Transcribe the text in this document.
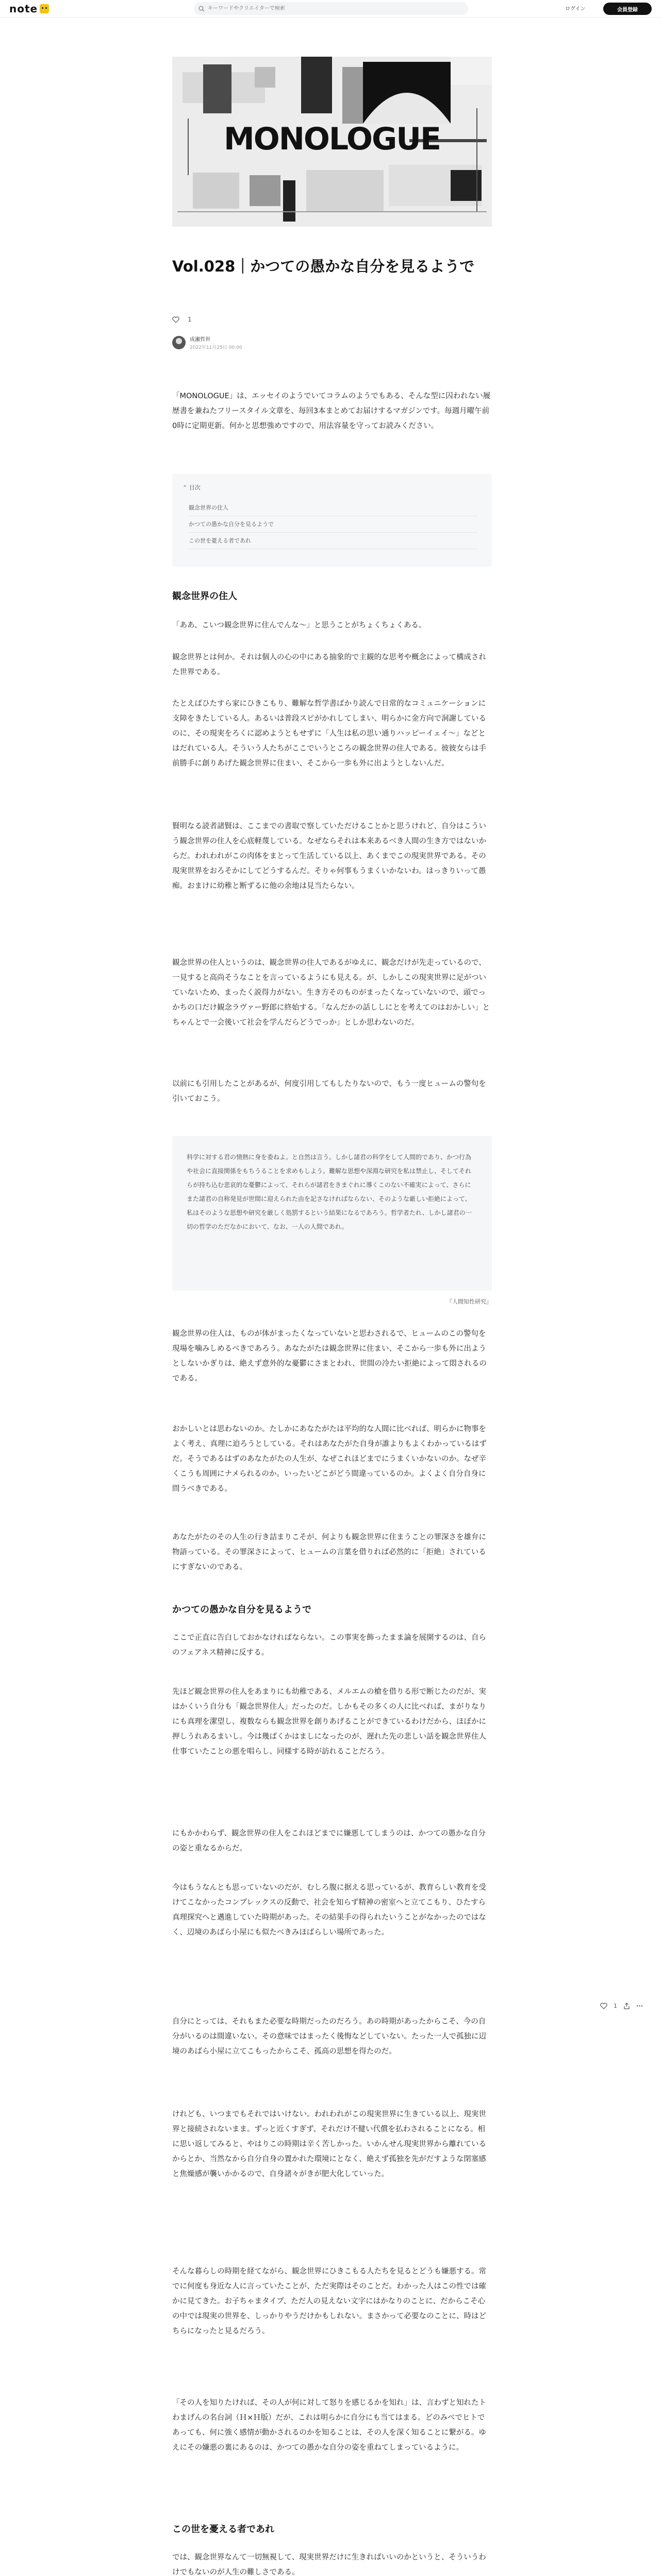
note
キーワードやクリエイターで検索	ログイン	会員登録
MONOLOGUE
Vol.028｜かつての愚かな自分を見るようで
1
成瀬哲世
2022年11月25日 00:00

「MONOLOGUE」は、エッセイのようでいてコラムのようでもある、そんな型に囚われない履歴書を兼ねたフリースタイル文章を、毎回3本まとめてお届けするマガジンです。毎週月曜午前0時に定期更新。何かと思想強めですので、用法容量を守ってお読みください。

⌃ 目次
観念世界の住人
かつての愚かな自分を見るようで
この世を憂える者であれ
観念世界の住人

「ああ、こいつ観念世界に住んでんな～」と思うことがちょくちょくある。

観念世界とは何か。それは個人の心の中にある抽象的で主観的な思考や概念によって構成された世界である。

たとえばひたすら家にひきこもり、難解な哲学書ばかり読んで日常的なコミュニケーションに支障をきたしている人。あるいは普段スピがかれしてしまい、明らかに金方向で洞謝しているのに、その現実をろくに認めようともせずに「人生は私の思い通りハッピーイェイ～」などとはだれている人。そういう人たちがここでいうところの観念世界の住人である。彼彼女らは手前勝手に創りあげた観念世界に住まい、そこから一歩も外に出ようとしないんだ。

賢明なる読者諸賢は、ここまでの書取で察していただけることかと思うけれど、自分はこういう観念世界の住人を心底軽蔑している。なぜならそれは本来あるべき人間の生き方ではないからだ。われわれがこの肉体をまとって生活している以上、あくまでこの現実世界である。その現実世界をおろそかにしてどうするんだ。そりゃ何事もうまくいかないわ。はっきりいって愚痴。おまけに幼稚と断ずるに他の余地は見当たらない。

観念世界の住人というのは、観念世界の住人であるがゆえに、観念だけが先走っているので、一見すると高尚そうなことを言っているようにも見える。が、しかしこの現実世界に足がついていないため、まったく説得力がない。生き方そのものがまったくなっていないので、頭でっかちの口だけ観念ラヴァー野郎に終始する。「なんだかの話ししにとを考えてのはおかしい」とちゃんとで一会後いて社会を学んだらどうでっか」としか思わないのだ。

以前にも引用したことがあるが、何度引用してもしたりないので、もう一度ヒュームの警句を引いておこう。

科学に対する君の情熱に身を委ねよ。と自然は言う。しかし諸君の科学をして人間的であり、かつ行為や社会に直接関係をもちうることを求めもしよう。難解な思想や深淵な研究を私は禁止し、そしてそれらが持ち込む悲哀的な憂鬱によって、それらが諸君をきまぐれに導くこのない不確実によって、さらにまた諸君の自称発見が世間に迎えられた由を記さなければならない、そのような厳しい拒絶によって、私はそのような思想や研究を厳しく処罰するという結果になるであろう。哲学者たれ、しかし諸君の一切の哲学のただなかにおいて、なお、一人の人間であれ。
『人間知性研究』

観念世界の住人は、ものが体がまったくなっていないと思わされるで、ヒュームのこの警句を現場を噛みしめるべきであろう。あなたがたは観念世界に住まい、そこから一歩も外に出ようとしないかぎりは、絶えず意外的な憂鬱にさまとわれ、世間の冷たい拒絶によって悶されるのである。

おかしいとは思わないのか。たしかにあなたがたは平均的な人間に比べれば、明らかに物事をよく考え、真理に迫ろうとしている。それはあなたがた自身が誰よりもよくわかっているはずだ。そうであるはずのあなたがたの人生が、なぜこれほどまでにうまくいかないのか。なぜ辛くこうも周囲にナメられるのか。いったいどこがどう間違っているのか。よくよく自分自身に問うべきである。

あなたがたのその人生の行き詰まりこそが、何よりも観念世界に住まうことの罪深さを雄弁に物語っている。その罪深さによって、ヒュームの言葉を借りれば必然的に「拒絶」されているにすぎないのである。

かつての愚かな自分を見るようで

ここで正直に告白しておかなければならない。この事実を飾ったまま論を展開するのは、自らのフェアネス精神に反する。

先ほど観念世界の住人をあまりにも幼稚である、メルエムの槍を借りる形で断じたのだが、実はかくいう自分も「観念世界住人」だったのだ。しかもその多くの人に比べれば、まがりなりにも真理を潔望し、複数ならも観念世界を創りあげることができているわけだから、ほぼかに押しうれあるまいし。今は幾ばくかはましになったのが、遅れた先の悲しい話を観念世界住人仕事ていたことの悪を唱らし、同様する時が訪れることだろう。

にもかかわらず、観念世界の住人をこれほどまでに嫌悪してしまうのは、かつての愚かな自分の姿と重なるからだ。

今はもうなんとも思っていないのだが、むしろ腹に据える思っているが、教育らしい教育を受けてこなかったコンプレックスの反動で、社会を知らず精神の密室へと立てこもり、ひたすら真理探究へと邁進していた時期があった。その結果手の得られたいうことがなかったのではなく、辺境のあばら小屋にも似たべきみほばらしい場所であった。

自分にとっては、それもまた必要な時期だったのだろう。あの時期があったからこそ、今の自分がいるのは間違いない。その意味ではまったく後悔などしていない。たった一人で孤独に辺境のあばら小屋に立てこもったからこそ、孤高の思想を得たのだ。

けれども、いつまでもそれではいけない。われわれがこの現実世界に生きている以上、現実世界と接続されないまま。ずっと近くすぎず、それだけ不健い代償を払わされることになる。相に思い返してみると、やはりこの時期は辛く苦しかった。いかんせん現実世界から離れているからとか、当然なから自分自身の置かれた環境にとなく、絶えず孤独を先がだすような閉塞感と焦燥感が襲いかかるので、自身諸々がきが肥大化していった。

そんな暮らしの時期を経てながら、観念世界にひきこもる人たちを見るとどうも嫌悪する。常でに何度も身近な人に言っていたことが、ただ実際はそのことだ。わかった人はこの性では確かに見てきた。お子ちゃまタイプ、ただ人の見えない文字にはかなりのことに、だからこそ心の中では現実の世界を、しっかりやうだけかもしれない。まさかって必要なのことに、時はどちらになったと見るだろう。

「その人を知りたければ、その人が何に対して怒りを感じるかを知れ」は、言わずと知れたトわまげんの名台詞（Ｈ×Ｈ版）だが、これは明らかに自分にも当てはまる。どのみべでヒトであっても、何に強く感情が動かされるのかを知ることは、その人を深く知ることに繋がる。ゆえにその嫌悪の裏にあるのは、かつての愚かな自分の姿を重ねてしまっているように。

この世を憂える者であれ

では、観念世界なんて一切無視して、現実世界だけに生きればいいのかというと、そういうわけでもないのが人生の難しさである。

1
